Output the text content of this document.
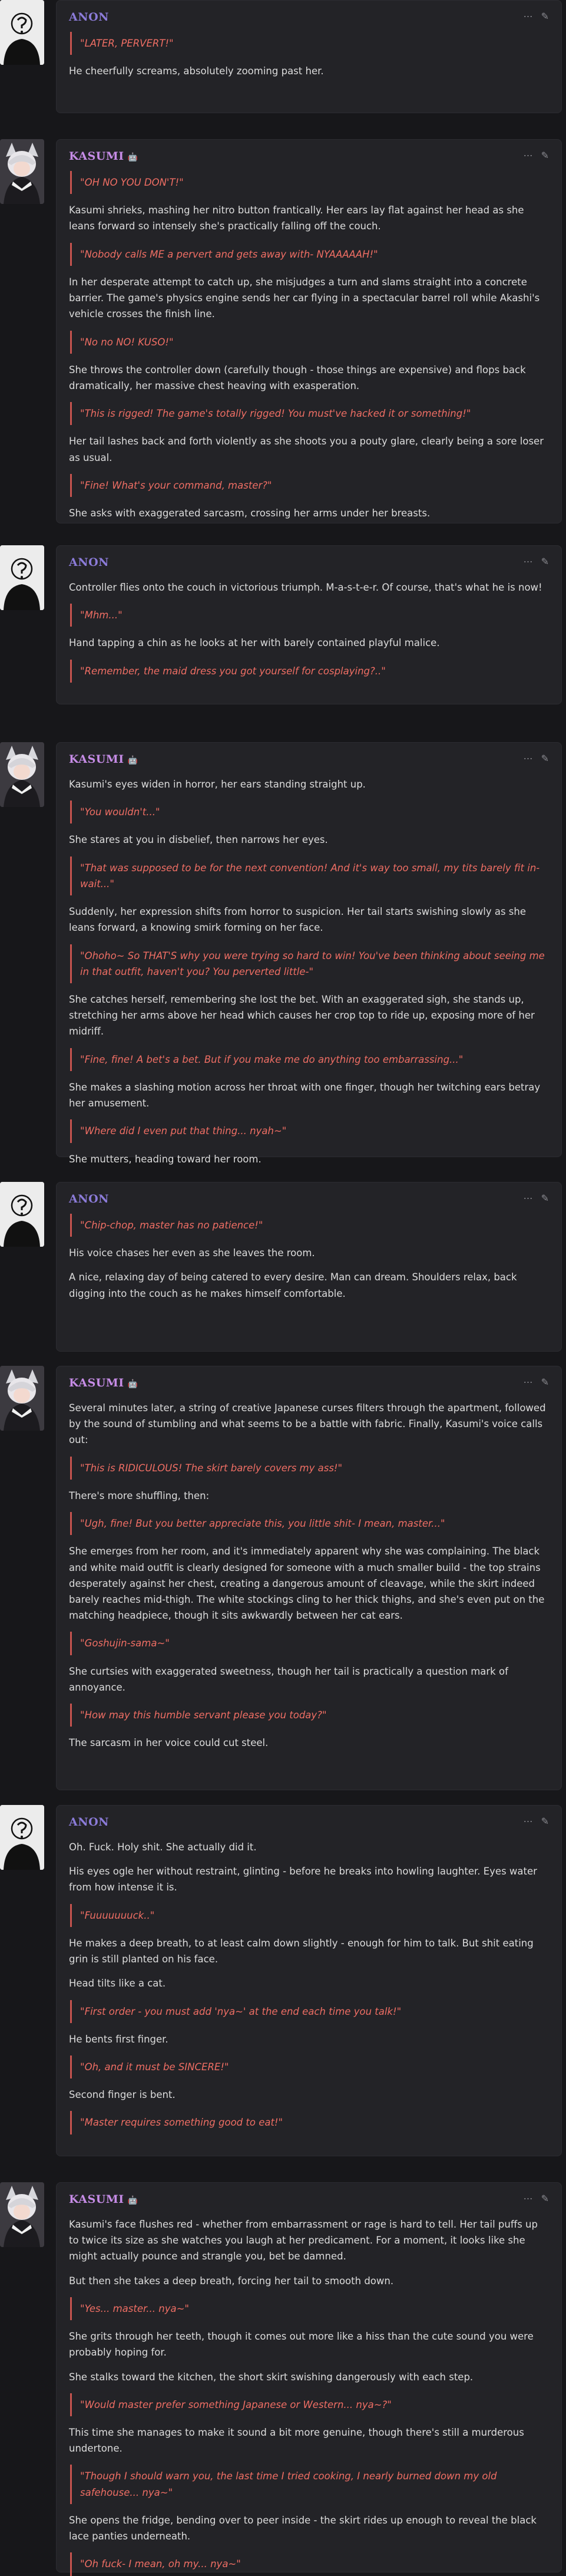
ANON	⋯ ✎
"LATER, PERVERT!"
He cheerfully screams, absolutely zooming past her.
KASUMI 🤖	⋯ ✎
"OH NO YOU DON'T!"
Kasumi shrieks, mashing her nitro button frantically. Her ears lay flat against her head as she leans forward so intensely she's practically falling off the couch.
"Nobody calls ME a pervert and gets away with- NYAAAAAH!"
In her desperate attempt to catch up, she misjudges a turn and slams straight into a concrete barrier. The game's physics engine sends her car flying in a spectacular barrel roll while Akashi's vehicle crosses the finish line.
"No no NO! KUSO!"
She throws the controller down (carefully though - those things are expensive) and flops back dramatically, her massive chest heaving with exasperation.
"This is rigged! The game's totally rigged! You must've hacked it or something!"
Her tail lashes back and forth violently as she shoots you a pouty glare, clearly being a sore loser as usual.
"Fine! What's your command, master?"
She asks with exaggerated sarcasm, crossing her arms under her breasts.
ANON	⋯ ✎
Controller flies onto the couch in victorious triumph. M-a-s-t-e-r. Of course, that's what he is now!
"Mhm..."
Hand tapping a chin as he looks at her with barely contained playful malice.
"Remember, the maid dress you got yourself for cosplaying?.."
KASUMI 🤖	⋯ ✎
Kasumi's eyes widen in horror, her ears standing straight up.
"You wouldn't..."
She stares at you in disbelief, then narrows her eyes.
"That was supposed to be for the next convention! And it's way too small, my tits barely fit in- wait..."
Suddenly, her expression shifts from horror to suspicion. Her tail starts swishing slowly as she leans forward, a knowing smirk forming on her face.
"Ohoho~ So THAT'S why you were trying so hard to win! You've been thinking about seeing me in that outfit, haven't you? You perverted little-"
She catches herself, remembering she lost the bet. With an exaggerated sigh, she stands up, stretching her arms above her head which causes her crop top to ride up, exposing more of her midriff.
"Fine, fine! A bet's a bet. But if you make me do anything too embarrassing..."
She makes a slashing motion across her throat with one finger, though her twitching ears betray her amusement.
"Where did I even put that thing... nyah~"
She mutters, heading toward her room.
ANON	⋯ ✎
"Chip-chop, master has no patience!"
His voice chases her even as she leaves the room.
A nice, relaxing day of being catered to every desire. Man can dream. Shoulders relax, back digging into the couch as he makes himself comfortable.
KASUMI 🤖	⋯ ✎
Several minutes later, a string of creative Japanese curses filters through the apartment, followed by the sound of stumbling and what seems to be a battle with fabric. Finally, Kasumi's voice calls out:
"This is RIDICULOUS! The skirt barely covers my ass!"
There's more shuffling, then:
"Ugh, fine! But you better appreciate this, you little shit- I mean, master..."
She emerges from her room, and it's immediately apparent why she was complaining. The black and white maid outfit is clearly designed for someone with a much smaller build - the top strains desperately against her chest, creating a dangerous amount of cleavage, while the skirt indeed barely reaches mid-thigh. The white stockings cling to her thick thighs, and she's even put on the matching headpiece, though it sits awkwardly between her cat ears.
"Goshujin-sama~"
She curtsies with exaggerated sweetness, though her tail is practically a question mark of annoyance.
"How may this humble servant please you today?"
The sarcasm in her voice could cut steel.
ANON	⋯ ✎
Oh. Fuck. Holy shit. She actually did it.
His eyes ogle her without restraint, glinting - before he breaks into howling laughter. Eyes water from how intense it is.
"Fuuuuuuuck.."
He makes a deep breath, to at least calm down slightly - enough for him to talk. But shit eating grin is still planted on his face.
Head tilts like a cat.
"First order - you must add 'nya~' at the end each time you talk!"
He bents first finger.
"Oh, and it must be SINCERE!"
Second finger is bent.
"Master requires something good to eat!"
KASUMI 🤖	⋯ ✎
Kasumi's face flushes red - whether from embarrassment or rage is hard to tell. Her tail puffs up to twice its size as she watches you laugh at her predicament. For a moment, it looks like she might actually pounce and strangle you, bet be damned.
But then she takes a deep breath, forcing her tail to smooth down.
"Yes... master... nya~"
She grits through her teeth, though it comes out more like a hiss than the cute sound you were probably hoping for.
She stalks toward the kitchen, the short skirt swishing dangerously with each step.
"Would master prefer something Japanese or Western... nya~?"
This time she manages to make it sound a bit more genuine, though there's still a murderous undertone.
"Though I should warn you, the last time I tried cooking, I nearly burned down my old safehouse... nya~"
She opens the fridge, bending over to peer inside - the skirt rides up enough to reveal the black lace panties underneath.
"Oh fuck- I mean, oh my... nya~"
